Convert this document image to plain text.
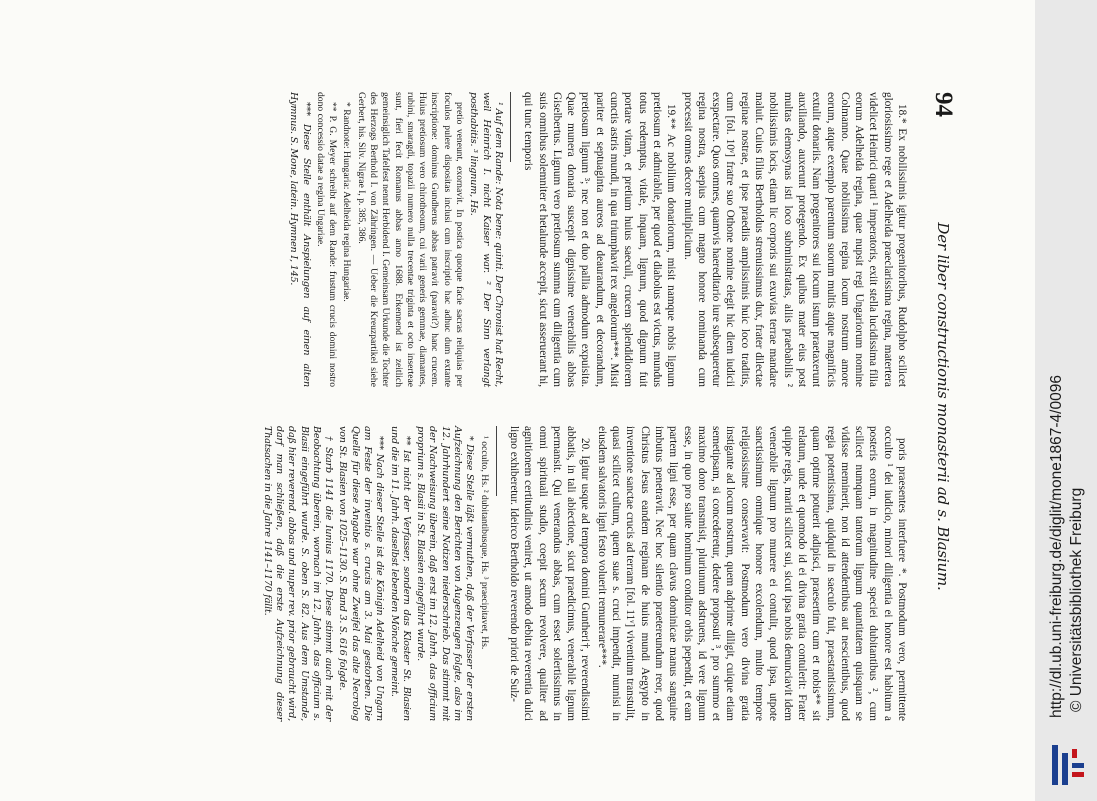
94
Der liber constructionis monasterii ad s. Blasium.

18.* Ex nobilissimis igitur progenitoribus, Rudolpho scilicet gloriosissimo rege et Adelheida praeclarissima regina, matertera videlicet Heinrici quarti ¹ imperatoris, exiit stella lucidissima filia eorum Adelheida regina, quae nupsit regi Ungariorum nomine Colmanno. Quae nobilissima regina locum nostrum amore eorum, atque exemplo parentum suorum multis atque magnificis extulit donariis. Nam progenitores sui locum istum praetaxerunt auxiliando, auxerunt protegendo. Ex quibus mater eius post multas elemosynas isti loco subministratas, aliis praebabilis ² nobilissimis locis, etiam lic corporis sui exuvias terrae mandare maluit. Cuius filius Bertholdus strenuissimus dux, frater dilectae reginae nostrae, et ipse praediis amplissimis huic loco traditis, cum [fol. 10ᵛ] fratre suo Othone nomine elegit hic diem iudicii exspectare. Quos omnes, quamvis haereditario iure subsequeretur regina nostra, saepius cum magno honore nominanda cum processit omnes decore multiplicium.

19.** Ac nobilium donariorum, misit namque nobis lignum pretiosum et admirabile, per quod et diabolus est victus, mundus totus redemptus, vitale, inquam, lignum, quod dignum fuit portare vitam, et pretium huius saeculi, crucem splendidiorem cunctis astris mundi, in qua triumphavit rex angelorum***. Misit pariter et septuaginta aureos ad deaurandum, et decorandum, pretiosum lignum ³; nec non et duo pallia admodum expuisita. Quae munera donaria suscepit dignissime venerabilis abbas Giselbertus. Lignum vero pretiosum summa cum diligentia cum suis omnibus solemniter et hetalunde accepit, sicut asseruerant hi, qui tunc temporis

¹ Auf dem Rande: Nota bene: quinti. Der Chronist hat Recht, weil Heinrich I. nicht Kaiser war. ² Der Sinn verlangt posthabitis. ³ lingnum, Hs.

pretio veneunt, exornavit. In postica quoque facie sacras reliquias per foculos pulere dispositas inclusi cum inscriptio hac adhuc dum extante inscriptione: dominus Gundherus abbas patravit (paravit?) hanc crucem. Huius pretiosum vero chirotheoum, cui varii generis gemmae, diamantes, rubini, smaragdi, topazii numero nulla trecentae triginta et octo inserteae sunt, fieri fecit Romanus abbas anno 1688. Erkennend ist zeitlich gemeinsiglich Tafelfest nennt Herbidend I. Gemeinsam Urkunde die Tochter des Herzogs Berthold I. von Zähringen. — Ueber die Kreuzpartikel siehe Gerbert, his. Silv. Nigrae I, p. 385, 386.

* Randnote: Hungaria: Adelheida regina Hungariae.

** P. G. Meyer schreibt auf dem Rande: frustum crucis domini nostro dono concessio datae a regina Ungariae.

*** Diese Stelle enthält Anspielungen auf einen alten Hymnus. S. Mone, latein. Hymnen I, 145.

poris praesentes interfuere *. Postmodum vero, permittente occulto ¹ dei iudicio, minori diligentia ei honore est habitum a posteris eorum, in magnitudine speciei dubitantibus ², cum scilicet numquam tantorum lignum quantitatem quisquam se vidisse meminerit, non id attendentibus aut nescientibus, quod regia potentissima, quidquid in saeculo fuit, praestantissimum, quam optime potuerit adipisci, praesertim cum et nobis** sit relatum, unde et quomodo id ei divina gratia contulerit: Frater quippe regis, mariti scilicet sui, sicut ipsa nobis denunciavit idem venerabile lignum pro munere ei contulit, quod ipsa, utpote sanctissimum omnique honore excolendum, multo tempore religiosissime conservavit: Postmodum vero divina gratia instigante ad locum nostrum, quem adprime diligit, cuique etiam semetipsam, si concederetur, dedere proposuit ³, pro summo et maximo dono transmisit, pluriunum adstruens, id vere lignum esse, in quo pro salute hominum conditor orbis pependit, et eam partem ligni esse, per quam clavus dominicae manus sanguine imbutus penetravit. Nec hoc silentio praetereundum reor, quod Christus Jesus eandem reginam de huius mundi Aegypto in inventione sanctae crucis ad terram [fol. 11ᵛ] viventium transtulit, quasi scilicet cultum, quem suae s. cruci impendit, nunnisi in eiusdem salvatoris ligni festo voluerit remunerare***.

20. Igitur usque ad tempora domini Guntheri†, reverendissimi abbatis, in tali abiectione, sicut praedicimus, venerabile lignum permansit. Qui venerandus abbas, cum esset solertissimus in omni spirituali studio, coepit secum revolvere, qualiter ad agnitionem certitudinis veniret, ut amodo debita reverentia dulci ligno exhiberetur. Ideirco Bertholdo reverendo priori de Sulz-

¹ occulto, Hs. ² dubitantibusque, Hs. ³ praecipitavet, Hs.

* Diese Stelle läßt vermuthen, daß der Verfasser der ersten Aufzeichnung den Berichten von Augenzeugen folgte, also im 12. Jahrhundert seine Notizen niederschrieb. Das stimmt mit der Nachweisung überein, daß erst im 12. Jahrh. das officium proprium s. Blasii in St. Blasien eingeführt wurde.

** Ist nicht der Verfasser, sondern das Kloster St. Blasien und die im 11. Jahrh. daselbst lebenden Mönche gemeint.

*** Nach dieser Stelle ist die Königin Adelheid von Ungarn am Feste der inventio s. crucis am 3. Mai gestorben. Die Quelle für diese Angabe war ohne Zweifel das alte Necrolog von St. Blasien von 1025–1130. S. Band 3. S. 616 folgde.

† Starb 1141 die Iunius 1170. Diese stimmt auch mit der Beobachtung überein, wornach im 12. Jahrh. das officium s. Blasii eingeführt wurde. S. oben S. 82. Aus dem Umstande, daß hier reverend. abbas und nuper rev. prior gebraucht wird, darf man schließen, daß die erste Aufzeichnung dieser Thatsachen in die Jahre 1141–1170 fällt.	http://dl.ub.uni-freiburg.de/diglit/mone1867-4/0096 © Universitätsbibliothek Freiburg
